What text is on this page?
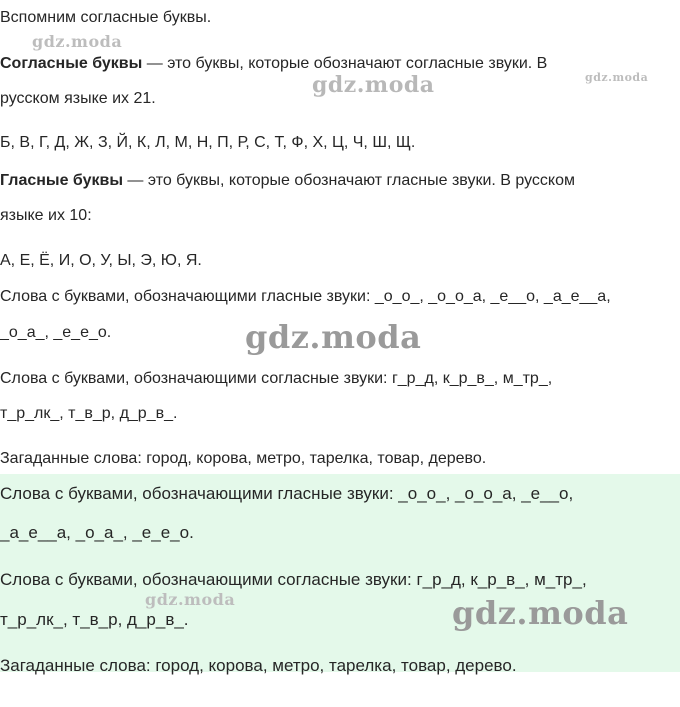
Вспомним согласные буквы.
Согласные буквы — это буквы, которые обозначают согласные звуки. В
русском языке их 21.
Б, В, Г, Д, Ж, З, Й, К, Л, М, Н, П, Р, С, Т, Ф, Х, Ц, Ч, Ш, Щ.
Гласные буквы — это буквы, которые обозначают гласные звуки. В русском
языке их 10:
А, Е, Ё, И, О, У, Ы, Э, Ю, Я.
Слова с буквами, обозначающими гласные звуки: _о_о_, _о_о_а, _е__о, _а_е__а,
_о_а_, _е_е_о.
Слова с буквами, обозначающими согласные звуки: г_р_д, к_р_в_, м_тр_,
т_р_лк_, т_в_р, д_р_в_.
Загаданные слова: город, корова, метро, тарелка, товар, дерево.
Слова с буквами, обозначающими гласные звуки: _о_о_, _о_о_а, _е__о,
_а_е__а, _о_а_, _е_е_о.
Слова с буквами, обозначающими согласные звуки: г_р_д, к_р_в_, м_тр_,
т_р_лк_, т_в_р, д_р_в_.
Загаданные слова: город, корова, метро, тарелка, товар, дерево.
gdz.moda
gdz.moda
gdz.moda
gdz.moda
gdz.moda	gdz.moda
